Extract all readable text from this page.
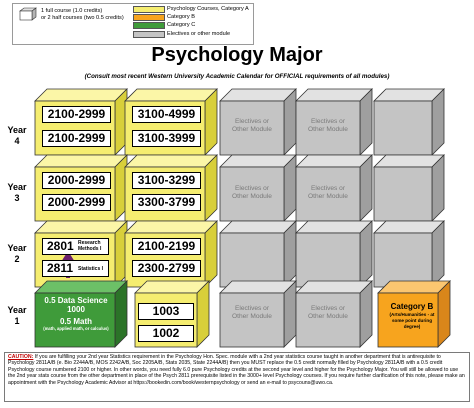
1 full course (1.0 credits)
or 2 half courses (two 0.5 credits)
Psychology Courses, Category A
Category B
Category C
Electives or other module
Psychology Major
(Consult most recent Western University Academic Calendar for OFFICIAL requirements of all modules)
Year
4
Year
3
Year
2
Year
1
2100-2999
2100-2999
3100-4999
3100-3999
2000-2999
2000-2999
3100-3299
3300-3799
2801 Research
Methods I
2811 Statistics I
2100-2199
2300-2799
0.5 Data Science
1000
0.5 Math
(math, applied math, or calculus)
1003
1002
Electives or
Other Module
Electives or
Other Module
Electives or
Other Module
Electives or
Other Module
Electives or
Other Module
Electives or
Other Module
Category B
(Arts/Humanities - at
some point during
degree)
CAUTION: If you are fulfilling your 2nd year Statistics requirement in the Psychology Hon. Spec. module with a 2nd year statistics course taught in another department that is antirequisite to Psychology 2811A/B (e. Bio 2244A/B, MOS 2242A/B, Soc 2205A/B, Stats 2035, State 2244A/B) then you MUST replace the 0.5 credit normally filled by Psychology 2811A/B with a 0.5 credit Psychology course numbered 2100 or higher. In other words, you need fully 6.0 pure Psychology credits at the second year level and higher for the Psychology Major. You will still be allowed to use the 2nd year stats course from the other department in place of the Psych 2811 prerequisite listed in the 3000+ level Psychology courses. If you require further clarification of this note, please make an appointment with the Psychology Academic Advisor at https://bookedin.com/book/westernpsychology or send an e-mail to psycouns@uwo.ca.
